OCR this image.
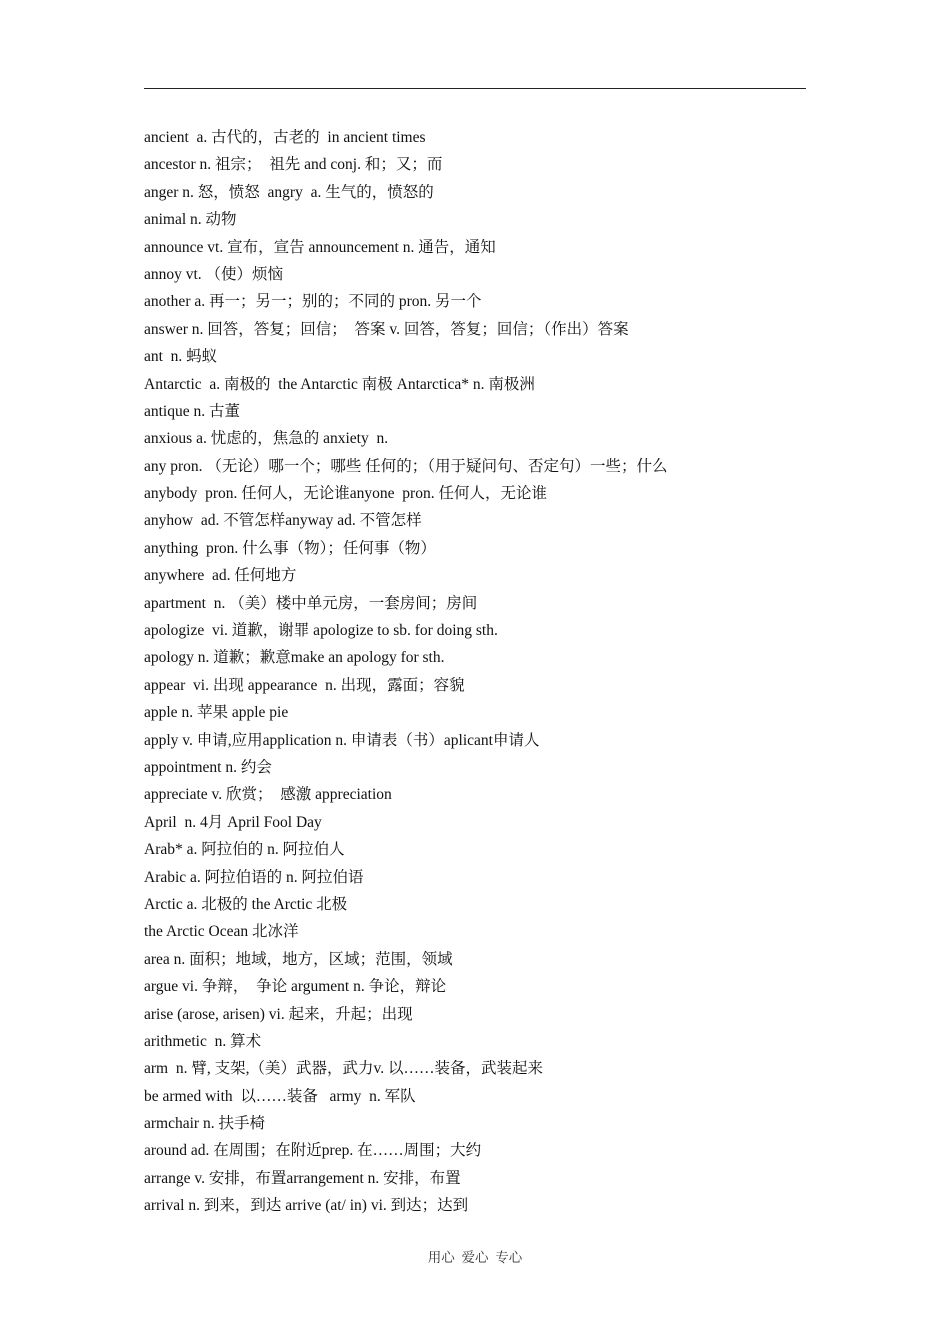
ancient  a. 古代的，古老的  in ancient times
ancestor n. 祖宗；  祖先 and conj. 和；又；而
anger n. 怒，愤怒  angry  a. 生气的，愤怒的
animal n. 动物
announce vt. 宣布，宣告 announcement n. 通告，通知
annoy vt. （使）烦恼
another a. 再一；另一；别的；不同的 pron. 另一个
answer n. 回答，答复；回信；  答案 v. 回答，答复；回信；（作出）答案
ant  n. 蚂蚁
Antarctic  a. 南极的  the Antarctic 南极 Antarctica* n. 南极洲
antique n. 古董
anxious a. 忧虑的，焦急的 anxiety  n.
any pron. （无论）哪一个；哪些 任何的；（用于疑问句、否定句）一些；什么
anybody  pron. 任何人，无论谁anyone  pron. 任何人，无论谁
anyhow  ad. 不管怎样anyway ad. 不管怎样
anything  pron. 什么事（物）；任何事（物）
anywhere  ad. 任何地方
apartment  n. （美）楼中单元房，一套房间；房间
apologize  vi. 道歉，谢罪 apologize to sb. for doing sth.
apology n. 道歉；歉意make an apology for sth.
appear  vi. 出现 appearance  n. 出现，露面；容貌
apple n. 苹果 apple pie
apply v. 申请,应用application n. 申请表（书）aplicant申请人
appointment n. 约会
appreciate v. 欣赏；  感激 appreciation
April  n. 4月 April Fool Day
Arab* a. 阿拉伯的 n. 阿拉伯人
Arabic a. 阿拉伯语的 n. 阿拉伯语
Arctic a. 北极的 the Arctic 北极
the Arctic Ocean 北冰洋
area n. 面积；地域，地方，区域；范围，领域
argue vi. 争辩，  争论 argument n. 争论，辩论
arise (arose, arisen) vi. 起来，升起；出现
arithmetic  n. 算术
arm  n. 臂, 支架,（美）武器，武力v. 以……装备，武装起来
be armed with  以……装备   army  n. 军队
armchair n. 扶手椅
around ad. 在周围；在附近prep. 在……周围；大约
arrange v. 安排，布置arrangement n. 安排，布置
arrival n. 到来，到达 arrive (at/ in) vi. 到达；达到
用心  爱心  专心
